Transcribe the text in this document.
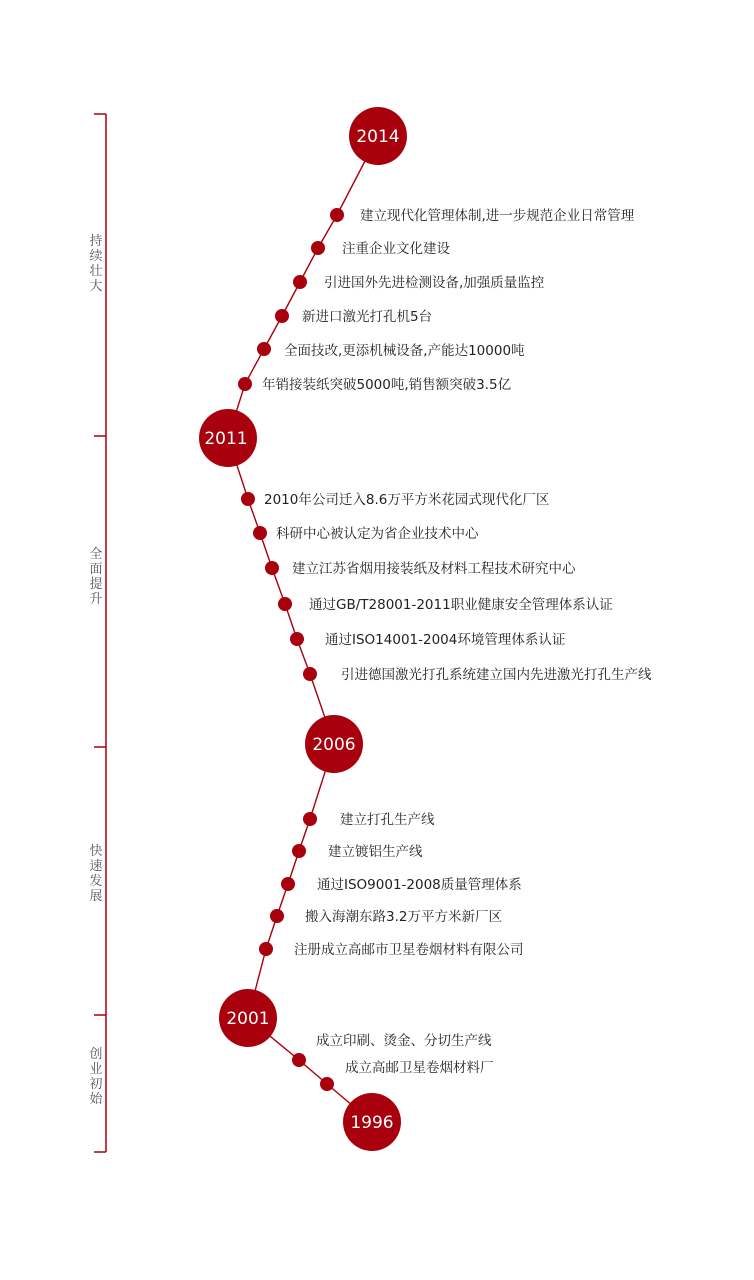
持续壮大
全面提升
快速发展
创业初始
建立现代化管理体制,进一步规范企业日常管理
注重企业文化建设
引进国外先进检测设备,加强质量监控
新进口激光打孔机5台
全面技改,更添机械设备,产能达10000吨
年销接装纸突破5000吨,销售额突破3.5亿
2010年公司迁入8.6万平方米花园式现代化厂区
科研中心被认定为省企业技术中心
建立江苏省烟用接装纸及材料工程技术研究中心
通过GB/T28001-2011职业健康安全管理体系认证
通过ISO14001-2004环境管理体系认证
引进德国激光打孔系统建立国内先进激光打孔生产线
建立打孔生产线
建立镀铝生产线
通过ISO9001-2008质量管理体系
搬入海潮东路3.2万平方米新厂区
注册成立高邮市卫星卷烟材料有限公司
成立印刷、烫金、分切生产线
成立高邮卫星卷烟材料厂
2014
2011
2006
2001
1996
